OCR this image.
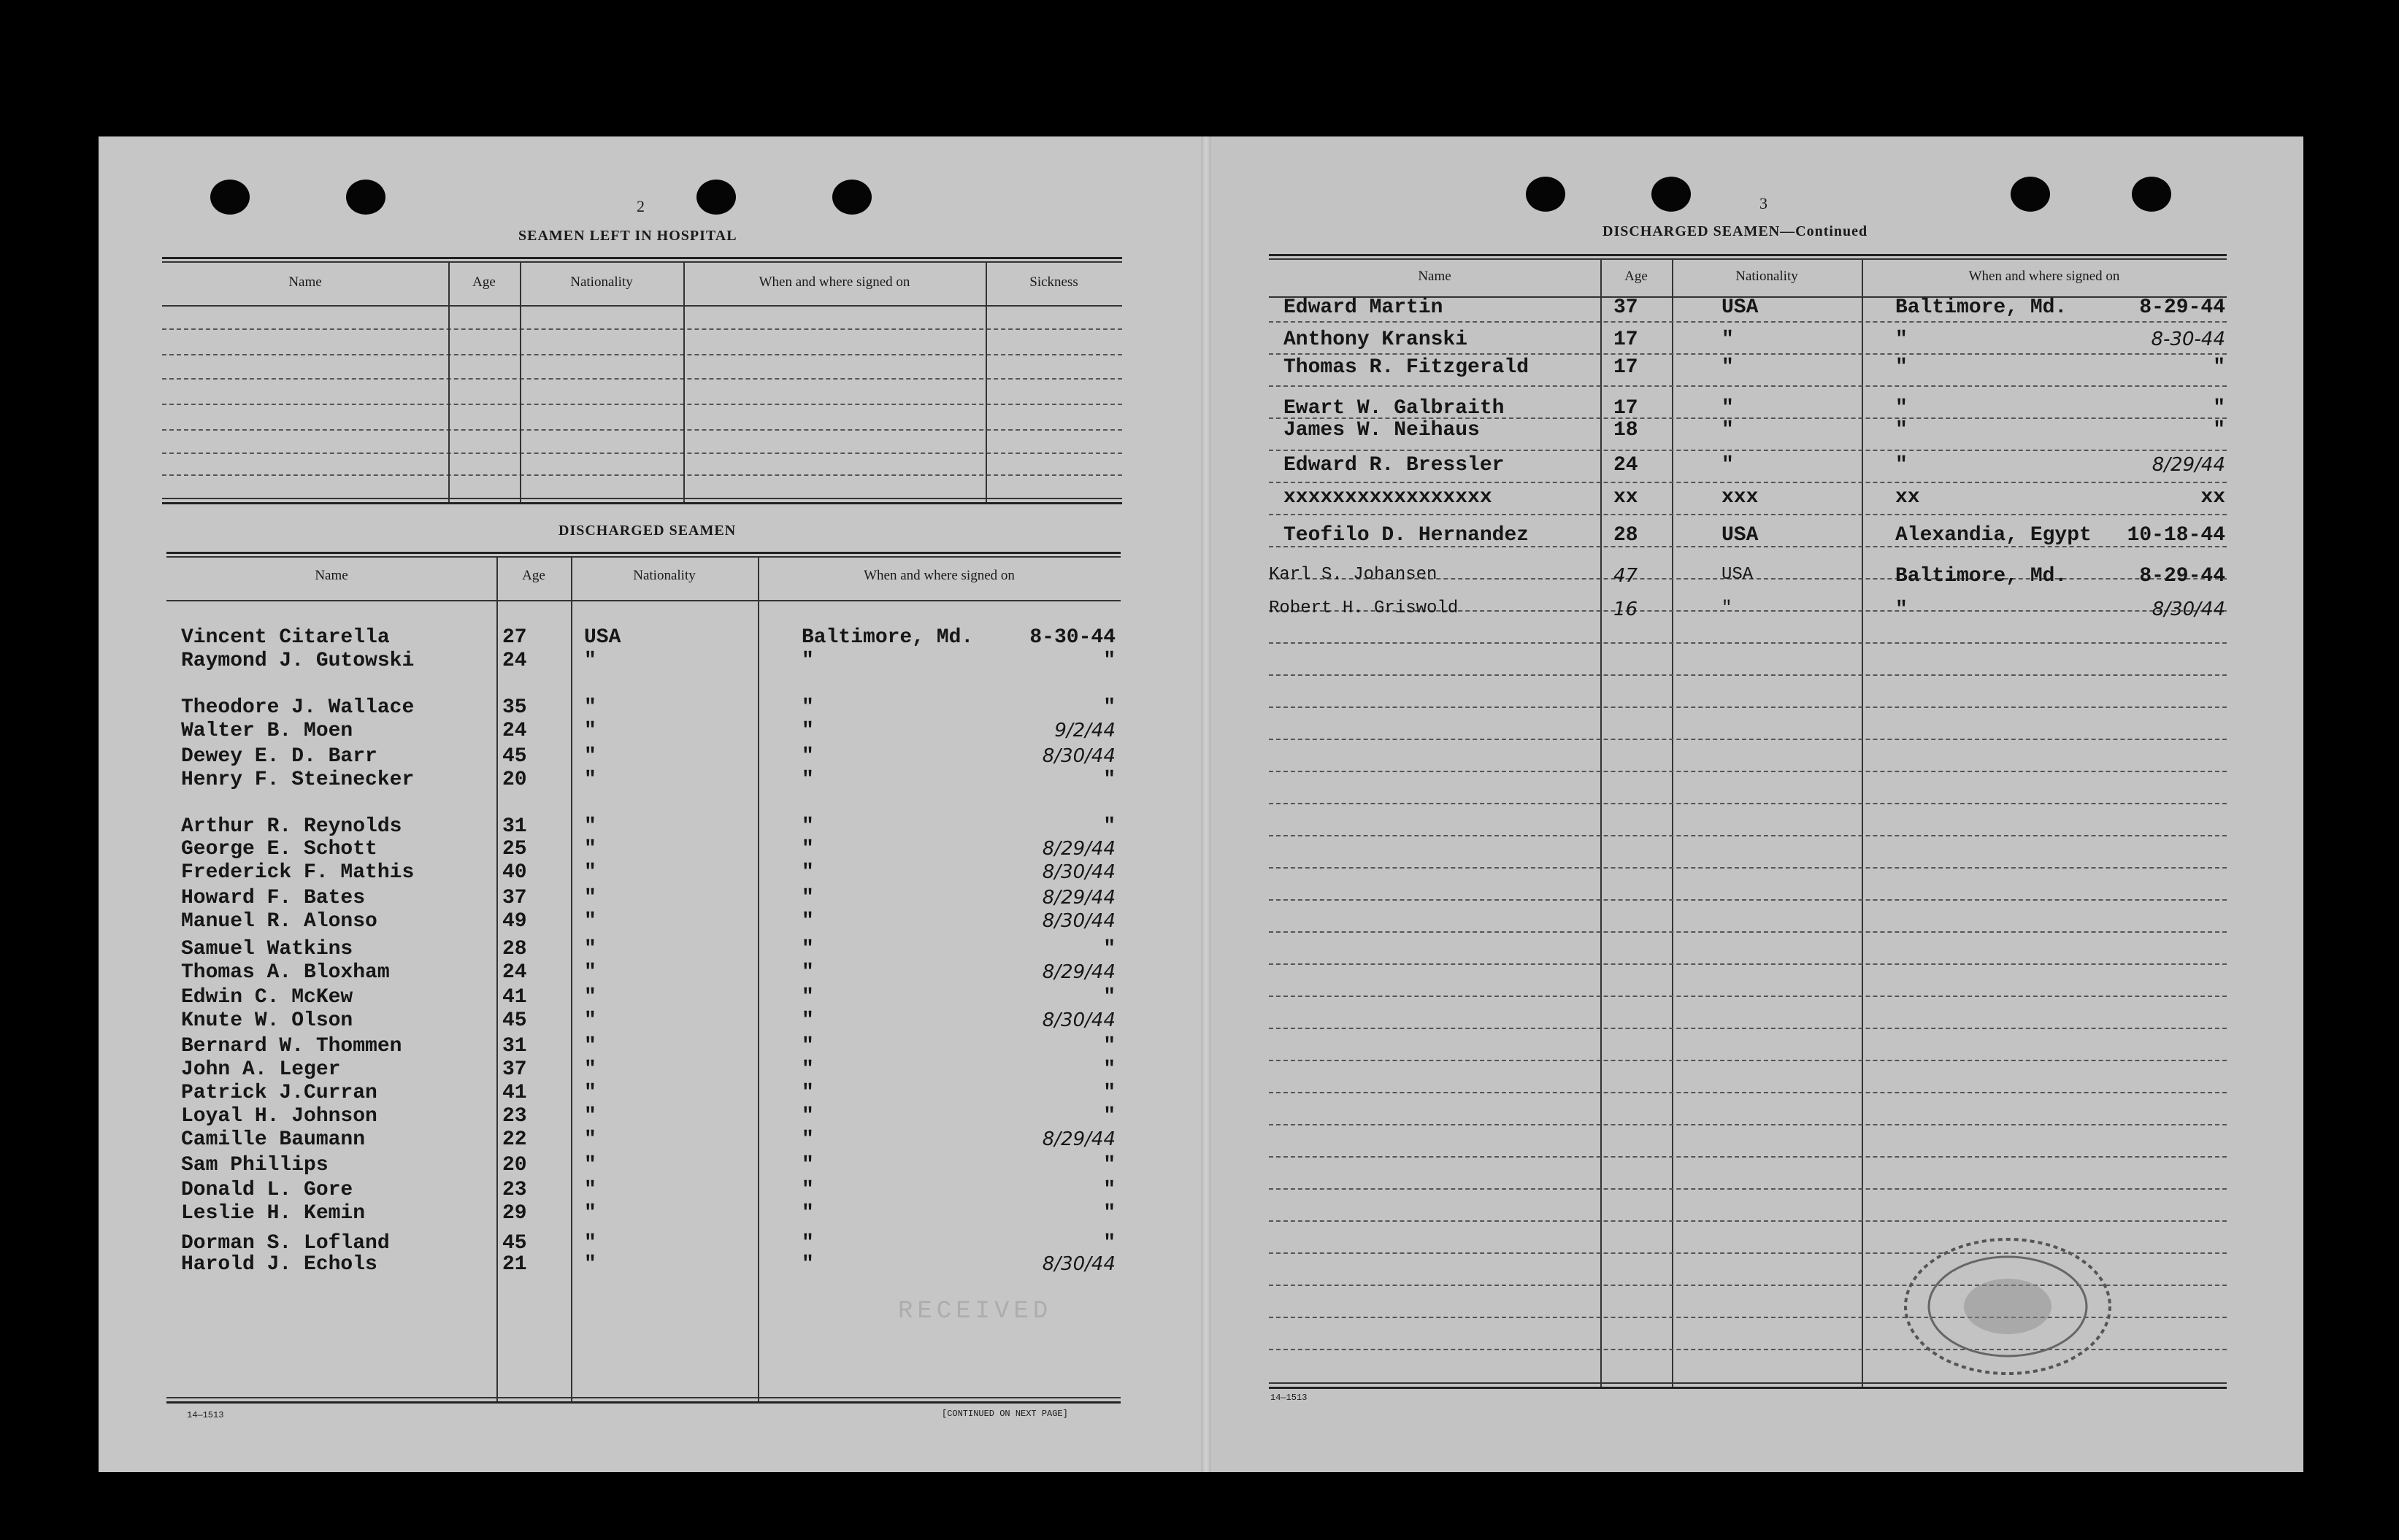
2
SEAMEN LEFT IN HOSPITAL
Name	Age	Nationality	When and where signed on	Sickness
DISCHARGED SEAMEN
Name	Age	Nationality	When and where signed on
Vincent Citarella	27	USA	Baltimore, Md.	8-30-44
Raymond J. Gutowski	24	"	"	"
Theodore J. Wallace	35	"	"	"
Walter B. Moen	24	"	"	9/2/44
Dewey E. D. Barr	45	"	"	8/30/44
Henry F. Steinecker	20	"	"	"
Arthur R. Reynolds	31	"	"	"
George E. Schott	25	"	"	8/29/44
Frederick F. Mathis	40	"	"	8/30/44
Howard F. Bates	37	"	"	8/29/44
Manuel R. Alonso	49	"	"	8/30/44
Samuel Watkins	28	"	"	"
Thomas A. Bloxham	24	"	"	8/29/44
Edwin C. McKew	41	"	"	"
Knute W. Olson	45	"	"	8/30/44
Bernard W. Thommen	31	"	"	"
John A. Leger	37	"	"	"
Patrick J.Curran	41	"	"	"
Loyal H. Johnson	23	"	"	"
Camille Baumann	22	"	"	8/29/44
Sam Phillips	20	"	"	"
Donald L. Gore	23	"	"	"
Leslie H. Kemin	29	"	"	"
Dorman S. Lofland	45	"	"	"
Harold J. Echols	21	"	"	8/30/44
14—1513	[CONTINUED ON NEXT PAGE]
RECEIVED
3
DISCHARGED SEAMEN—Continued
Name	Age	Nationality	When and where signed on
Edward Martin	37	USA	Baltimore, Md.	8-29-44
Anthony Kranski	17	"	"	8-30-44
Thomas R. Fitzgerald	17	"	"	"
Ewart W. Galbraith	17	"	"	"
James W. Neihaus	18	"	"	"
Edward R. Bressler	24	"	"	8/29/44
xxxxxxxxxxxxxxxxx	xx	xxx	xx	xx
Teofilo D. Hernandez	28	USA	Alexandia, Egypt	10-18-44
Karl S. Johansen	47	USA	Baltimore, Md.	8-29-44
Robert H. Griswold	16	"	"	8/30/44
14—1513
